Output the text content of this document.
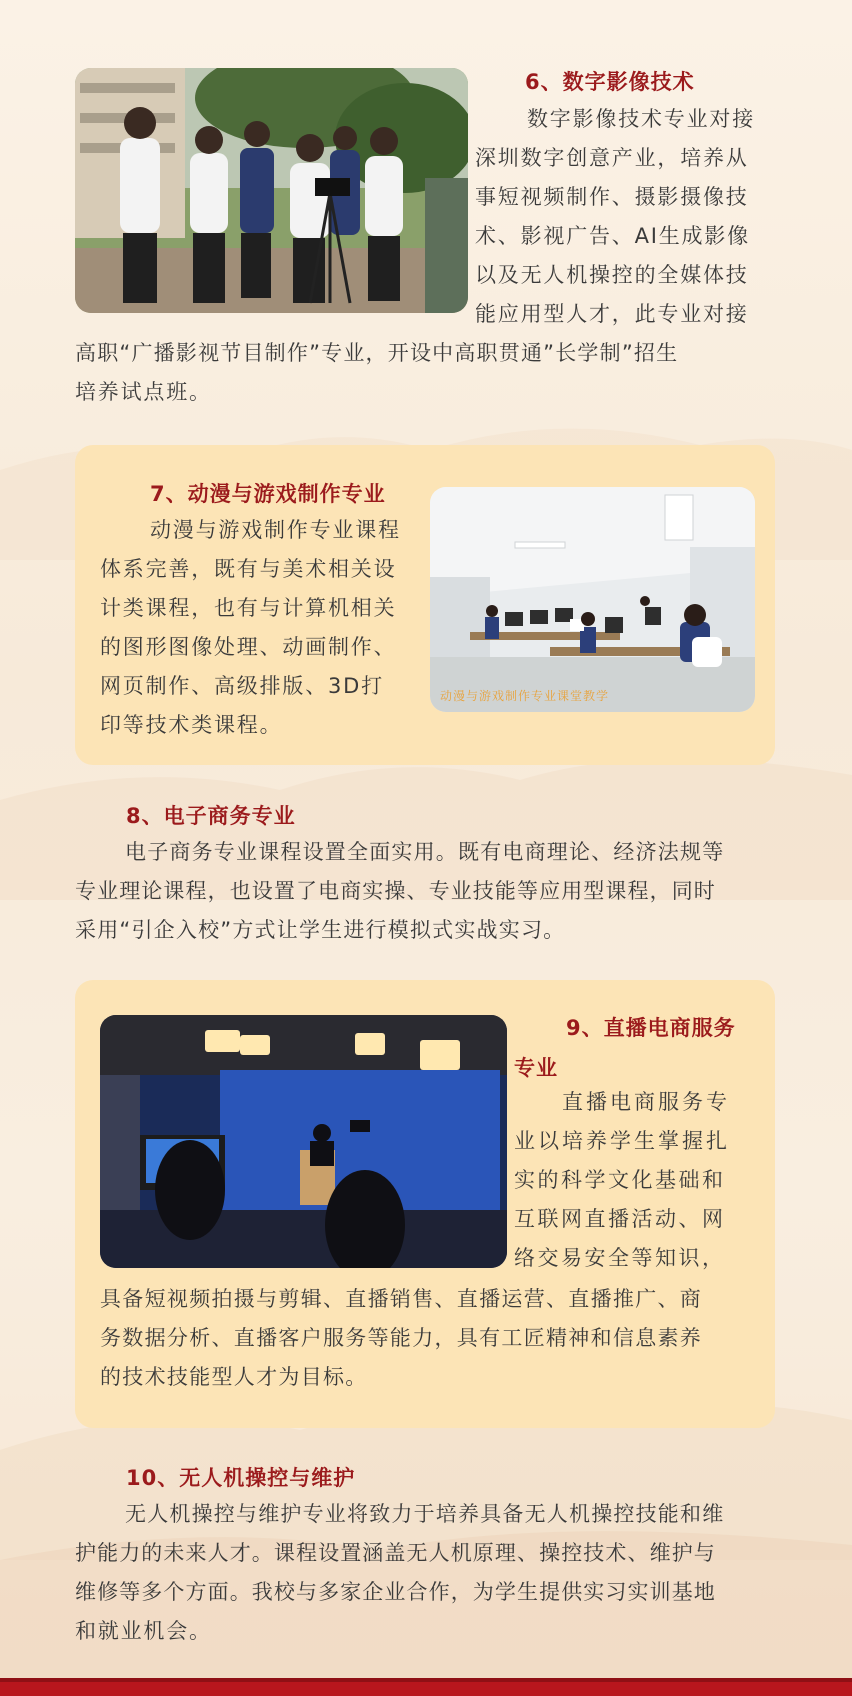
6、数字影像技术

数字影像技术专业对接

深圳数字创意产业，培养从

事短视频制作、摄影摄像技

术、影视广告、AI生成影像

以及无人机操控的全媒体技

能应用型人才，此专业对接

高职“广播影视节目制作”专业，开设中高职贯通”长学制”招生

培养试点班。

7、动漫与游戏制作专业

动漫与游戏制作专业课程

体系完善，既有与美术相关设

计类课程，也有与计算机相关

的图形图像处理、动画制作、

网页制作、高级排版、3D打

印等技术类课程。

动漫与游戏制作专业课堂教学
8、电子商务专业

电子商务专业课程设置全面实用。既有电商理论、经济法规等

专业理论课程，也设置了电商实操、专业技能等应用型课程，同时

采用“引企入校”方式让学生进行模拟式实战实习。

9、直播电商服务
专业

直播电商服务专

业以培养学生掌握扎

实的科学文化基础和

互联网直播活动、网

络交易安全等知识，

具备短视频拍摄与剪辑、直播销售、直播运营、直播推广、商

务数据分析、直播客户服务等能力，具有工匠精神和信息素养

的技术技能型人才为目标。

10、无人机操控与维护

无人机操控与维护专业将致力于培养具备无人机操控技能和维

护能力的未来人才。课程设置涵盖无人机原理、操控技术、维护与

维修等多个方面。我校与多家企业合作，为学生提供实习实训基地

和就业机会。
